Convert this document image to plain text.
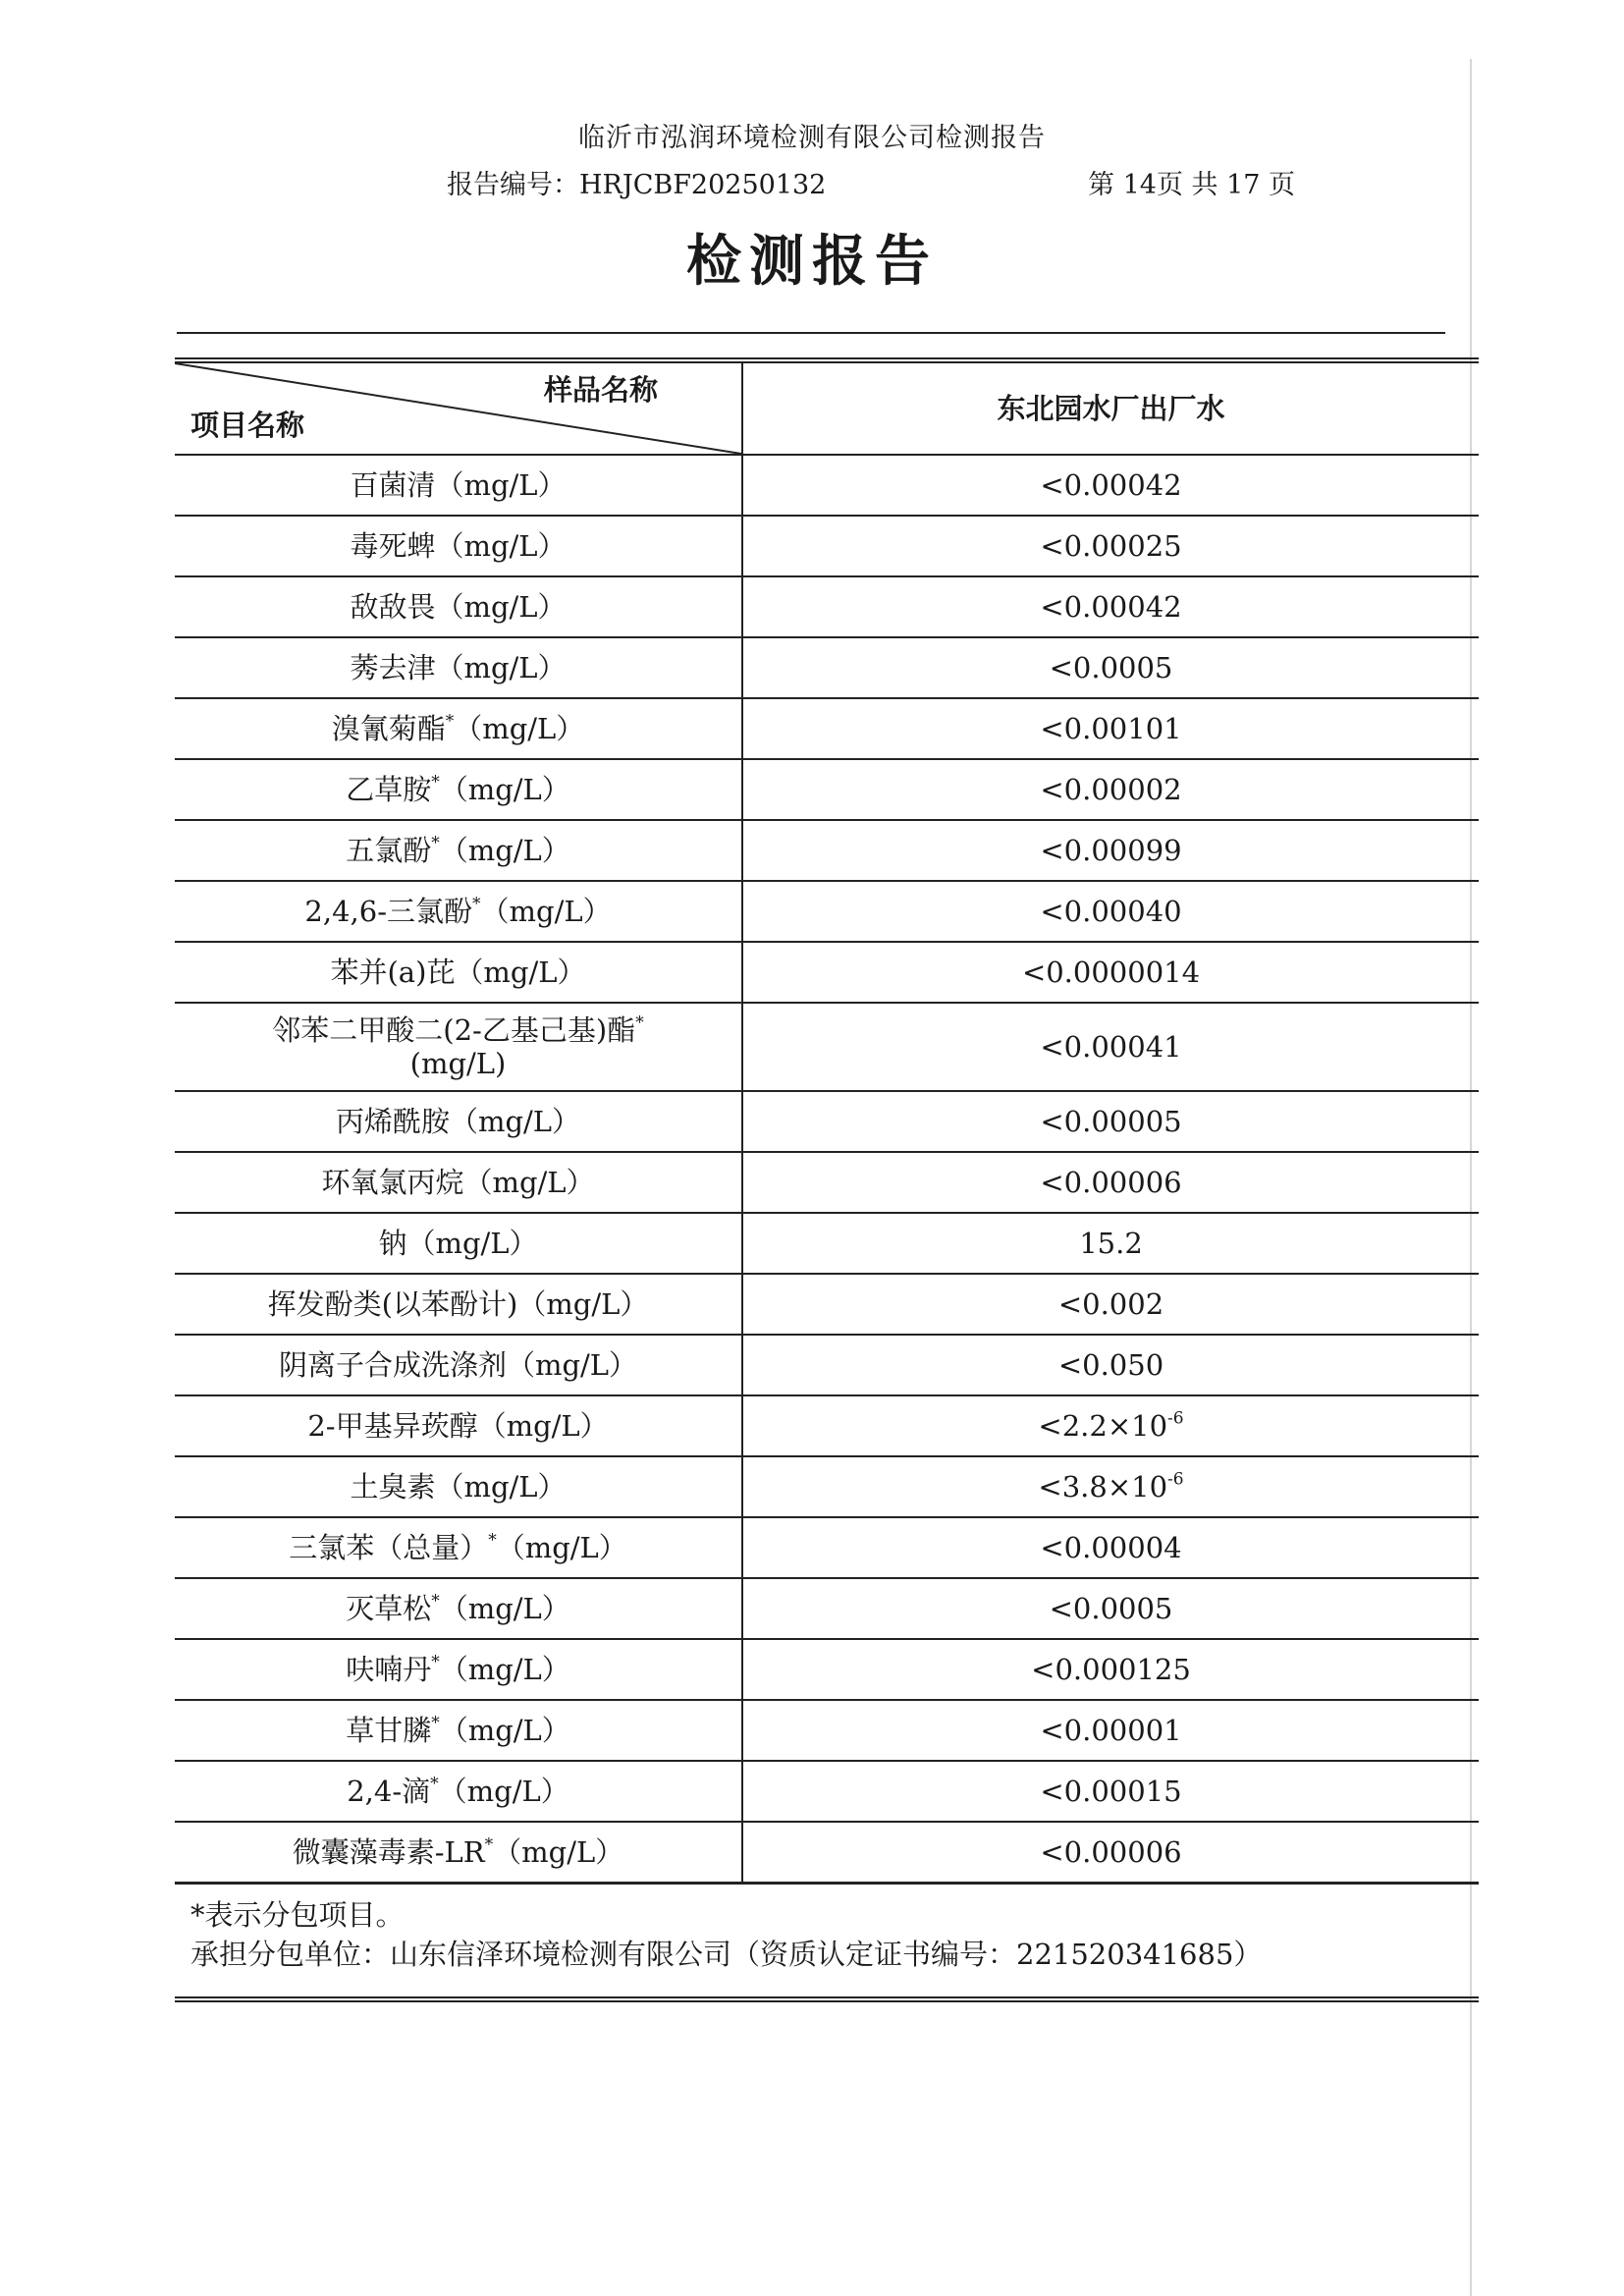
临沂市泓润环境检测有限公司检测报告
报告编号：HRJCBF20250132	第 14页 共 17 页
检测报告
样品名称
项目名称	东北园水厂出厂水
百菌清（mg/L）	<0.00042
毒死蜱（mg/L）	<0.00025
敌敌畏（mg/L）	<0.00042
莠去津（mg/L）	<0.0005
溴氰菊酯*（mg/L）	<0.00101
乙草胺*（mg/L）	<0.00002
五氯酚*（mg/L）	<0.00099
2,4,6-三氯酚*（mg/L）	<0.00040
苯并(a)芘（mg/L）	<0.0000014
邻苯二甲酸二(2-乙基己基)酯*
(mg/L)	<0.00041
丙烯酰胺（mg/L）	<0.00005
环氧氯丙烷（mg/L）	<0.00006
钠（mg/L）	15.2
挥发酚类(以苯酚计)（mg/L）	<0.002
阴离子合成洗涤剂（mg/L）	<0.050
2-甲基异莰醇（mg/L）	$<2.2\times 10^{-6}$
土臭素（mg/L）	$<3.8\times 10^{-6}$
三氯苯（总量）*（mg/L）	<0.00004
灭草松*（mg/L）	<0.0005
呋喃丹*（mg/L）	<0.000125
草甘膦*（mg/L）	<0.00001
2,4-滴*（mg/L）	<0.00015
微囊藻毒素-LR*（mg/L）	<0.00006
*表示分包项目。
承担分包单位：山东信泽环境检测有限公司（资质认定证书编号：221520341685）
